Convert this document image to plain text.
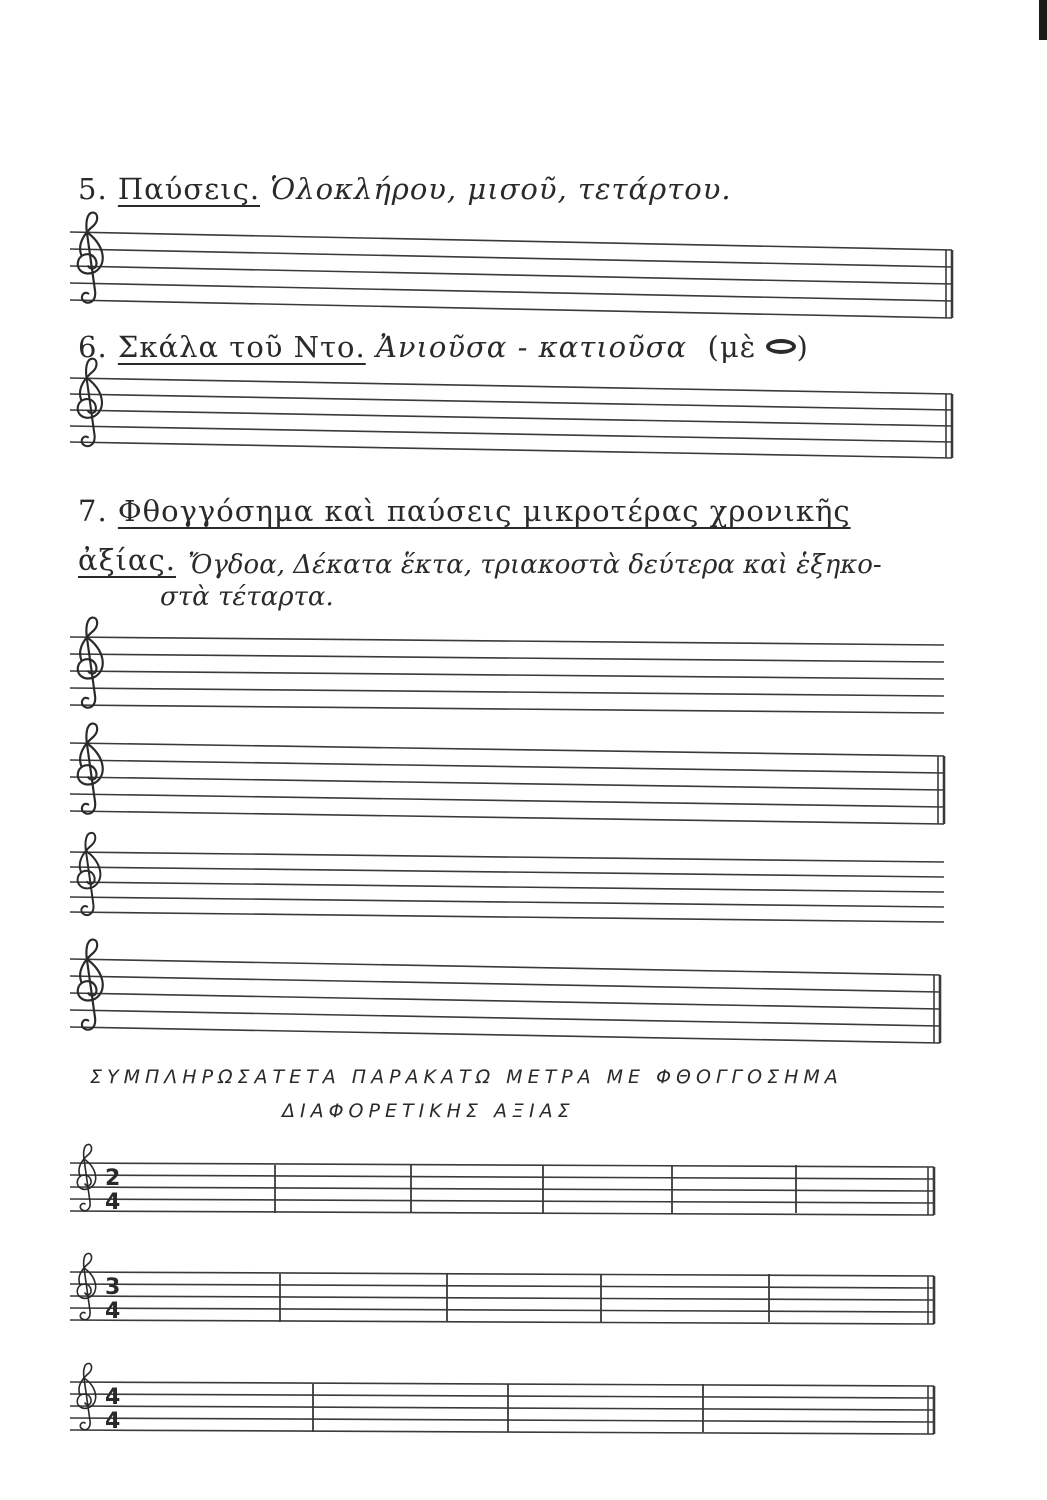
5. Παύσεις. Ὁλοκλήρου, μισοῦ, τετάρτου.
6. Σκάλα τοῦ Ντο. Ἀνιοῦσα - κατιοῦσα (μὲ )
7. Φθογγόσημα καὶ παύσεις μικροτέρας χρονικῆς
ἀξίας. Ὄγδοα, Δέκατα ἕκτα, τριακοστὰ δεύτερα καὶ ἑξηκο-
στὰ τέταρτα.
ΣΥΜΠΛΗΡΩΣΑΤΕΤΑ ΠΑΡΑΚΑΤΩ ΜΕΤΡΑ ΜΕ ΦΘΟΓΓΟΣΗΜΑ
ΔΙΑΦΟΡΕΤΙΚΗΣ ΑΞΙΑΣ
2
4
3
4
4
4
